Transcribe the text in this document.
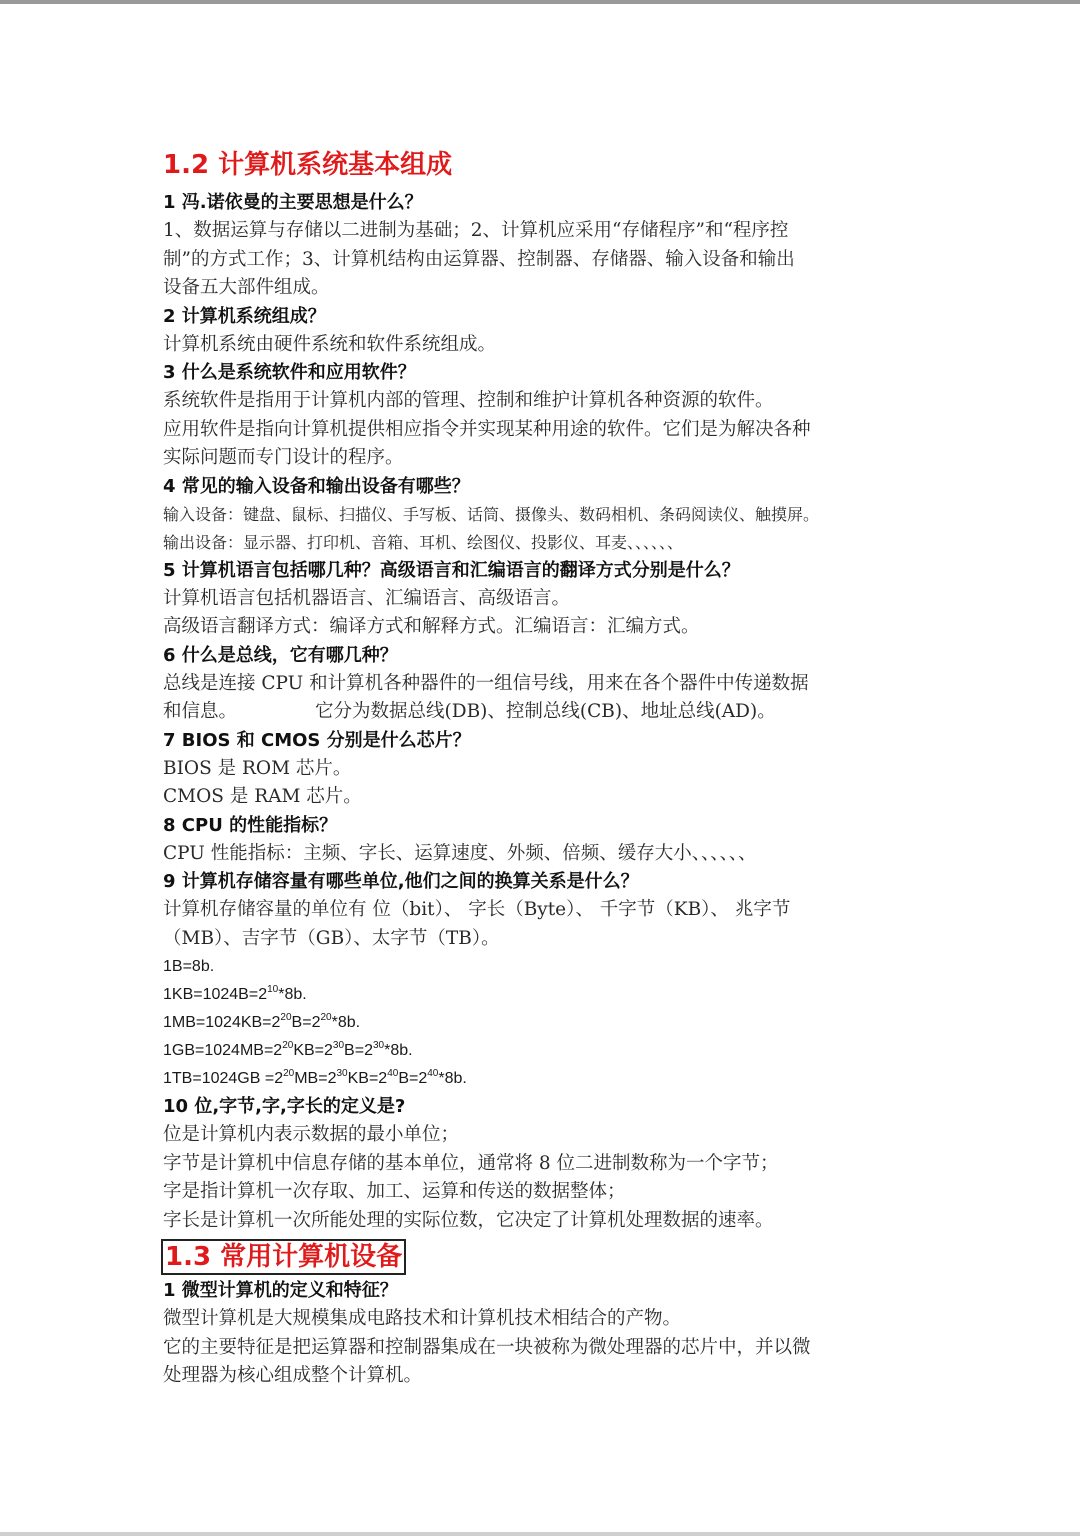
1.2 计算机系统基本组成
1 冯.诺依曼的主要思想是什么？
1、数据运算与存储以二进制为基础；2、计算机应采用“存储程序”和“程序控
制”的方式工作；3、计算机结构由运算器、控制器、存储器、输入设备和输出
设备五大部件组成。
2 计算机系统组成？
计算机系统由硬件系统和软件系统组成。
3 什么是系统软件和应用软件？
系统软件是指用于计算机内部的管理、控制和维护计算机各种资源的软件。
应用软件是指向计算机提供相应指令并实现某种用途的软件。它们是为解决各种
实际问题而专门设计的程序。
4 常见的输入设备和输出设备有哪些？
输入设备：键盘、鼠标、扫描仪、手写板、话筒、摄像头、数码相机、条码阅读仪、触摸屏。
输出设备：显示器、打印机、音箱、耳机、绘图仪、投影仪、耳麦、、、、、、
5 计算机语言包括哪几种？高级语言和汇编语言的翻译方式分别是什么？
计算机语言包括机器语言、汇编语言、高级语言。
高级语言翻译方式：编译方式和解释方式。汇编语言：汇编方式。
6 什么是总线，它有哪几种？
总线是连接 CPU 和计算机各种器件的一组信号线，用来在各个器件中传递数据
和信息。	它分为数据总线(DB)、控制总线(CB)、地址总线(AD)。
7 BIOS 和 CMOS 分别是什么芯片？
BIOS 是 ROM 芯片。
CMOS 是 RAM 芯片。
8 CPU 的性能指标？
CPU 性能指标：主频、字长、运算速度、外频、倍频、缓存大小、、、、、、
9 计算机存储容量有哪些单位,他们之间的换算关系是什么？
计算机存储容量的单位有 位（bit）、 字长（Byte）、 千字节（KB）、 兆字节
（MB）、吉字节（GB）、太字节（TB）。
1B=8b.
$1KB=1024B=2^{10}*8b$.
$1MB=1024KB=2^{20}B=2^{20}*8b$.
$1GB=1024MB=2^{20}KB=2^{30}B=2^{30}*8b$.
$1TB=1024GB =2^{20}MB=2^{30}KB=2^{40}B=2^{40}*8b$.
10 位,字节,字,字长的定义是?
位是计算机内表示数据的最小单位；
字节是计算机中信息存储的基本单位，通常将 8 位二进制数称为一个字节；
字是指计算机一次存取、加工、运算和传送的数据整体；
字长是计算机一次所能处理的实际位数，它决定了计算机处理数据的速率。
1.3 常用计算机设备
1 微型计算机的定义和特征？
微型计算机是大规模集成电路技术和计算机技术相结合的产物。
它的主要特征是把运算器和控制器集成在一块被称为微处理器的芯片中，并以微
处理器为核心组成整个计算机。
